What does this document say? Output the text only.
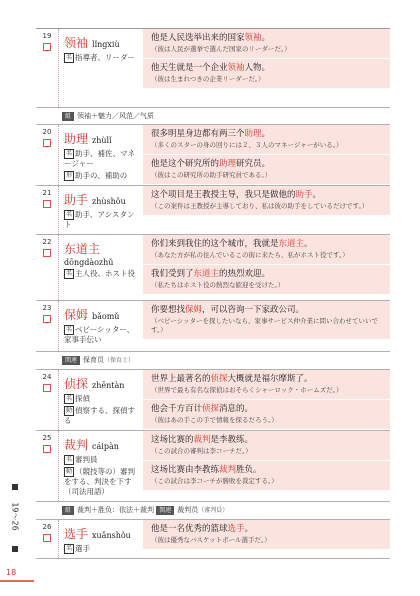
19～26
18
19	领袖 lǐngxiù
名 指導者、リーダー
他是人民选举出来的国家领袖。
（彼は人民が選挙で選んだ国家のリーダーだ。）
他天生就是一个企业领袖人物。
（彼は生まれつきの企業リーダーだ。）
組 领袖＋魅力／风范／气质
20	助理 zhùlǐ
名 助手、補佐、マネージャー
形 助手の、補助の
很多明星身边都有两三个助理。
（多くのスターの身の回りには２、３人のマネージャーがいる。）
他是这个研究所的助理研究员。
（彼はこの研究所の助手研究員である。）
21	助手 zhùshǒu
名 助手、アシスタント
这个项目是王教授主导，我只是做他的助手。
（この案件は王教授が主導しており、私は彼の助手をしているだけです。）
22	东道主
dōngdàozhǔ
名 主人役、ホスト役
你们来到我住的这个城市，我就是东道主。
（あなた方が私の住んでいるこの街に来たら、私がホスト役です。）
我们受到了东道主的热烈欢迎。
（私たちはホスト役の熱烈な歓迎を受けた。）
23	保姆 bǎomǔ
名 ベビーシッター、家事手伝い
你要想找保姆，可以咨询一下家政公司。
（ベビーシッターを探したいなら、家事サービス仲介業に問い合わせていいです。）
関連 保育员（保育士）
24	侦探 zhēntàn
名 探偵
動 偵察する、探偵する
世界上最著名的侦探大概就是福尔摩斯了。
（世界で最も有名な探偵はおそらくシャーロック・ホームズだ。）
他会千方百计侦探消息的。
（彼はあの手この手で情報を探るだろう。）
25	裁判 cáipàn
名 審判員
動 （競技等の）審判をする、判決を下す（司法用語）
这场比赛的裁判是李教练。
（この試合の審判は李コーチだ。）
这场比赛由李教练裁判胜负。
（この試合は李コーチが勝敗を裁定する。）
組 裁判＋胜负：依法＋裁判 関連 裁判员（審判員）
26	选手 xuǎnshǒu
名 選手
他是一名优秀的篮球选手。
（彼は優秀なバスケットボール選手だ。）
